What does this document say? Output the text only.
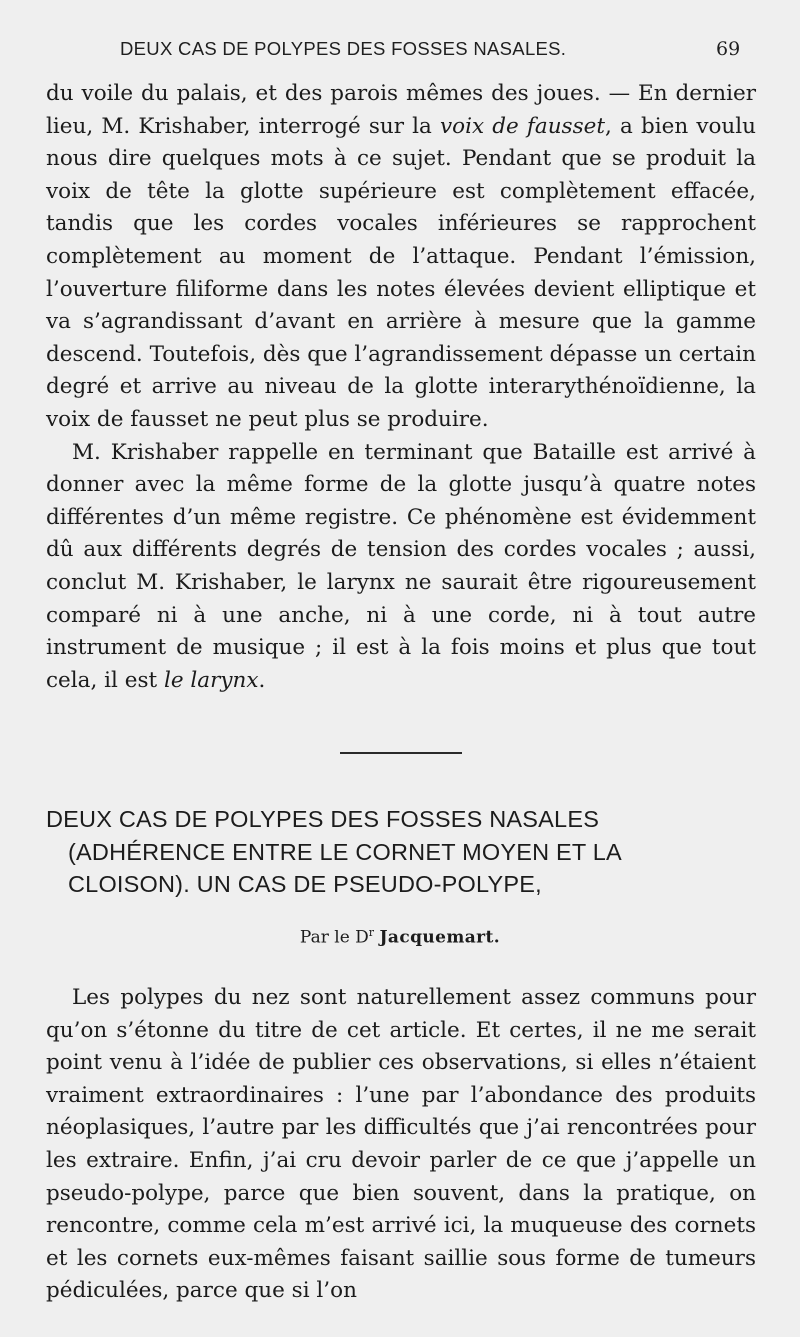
DEUX CAS DE POLYPES DES FOSSES NASALES.	69

du voile du palais, et des parois mêmes des joues. — En dernier lieu, M. Krishaber, interrogé sur la voix de fausset, a bien voulu nous dire quelques mots à ce sujet. Pendant que se produit la voix de tête la glotte supérieure est complètement effacée, tandis que les cordes vocales inférieures se rapprochent complètement au moment de l’attaque. Pendant l’émission, l’ouverture filiforme dans les notes élevées devient elliptique et va s’agrandissant d’avant en arrière à mesure que la gamme descend. Toutefois, dès que l’agrandissement dépasse un certain degré et arrive au niveau de la glotte interarythénoïdienne, la voix de fausset ne peut plus se produire.

M. Krishaber rappelle en terminant que Bataille est arrivé à donner avec la même forme de la glotte jusqu’à quatre notes différentes d’un même registre. Ce phénomène est évidemment dû aux différents degrés de tension des cordes vocales ; aussi, conclut M. Krishaber, le larynx ne saurait être rigoureusement comparé ni à une anche, ni à une corde, ni à tout autre instrument de musique ; il est à la fois moins et plus que tout cela, il est le larynx.

DEUX CAS DE POLYPES DES FOSSES NASALES
(ADHÉRENCE ENTRE LE CORNET MOYEN ET LA
CLOISON). UN CAS DE PSEUDO-POLYPE,
Par le $D^r$ Jacquemart.

Les polypes du nez sont naturellement assez communs pour qu’on s’étonne du titre de cet article. Et certes, il ne me serait point venu à l’idée de publier ces observations, si elles n’étaient vraiment extraordinaires : l’une par l’abondance des produits néoplasiques, l’autre par les difficultés que j’ai rencontrées pour les extraire. Enfin, j’ai cru devoir parler de ce que j’appelle un pseudo-polype, parce que bien souvent, dans la pratique, on rencontre, comme cela m’est arrivé ici, la muqueuse des cornets et les cornets eux-mêmes faisant saillie sous forme de tumeurs pédiculées, parce que si l’on
